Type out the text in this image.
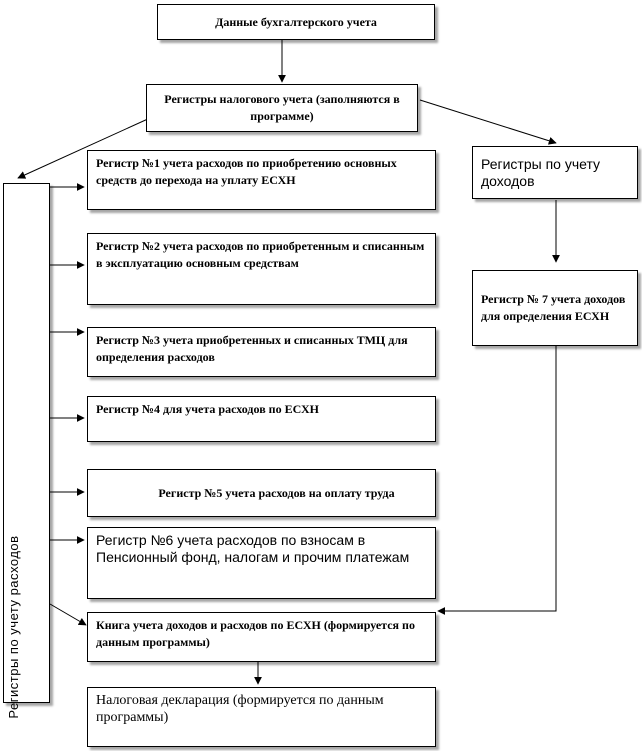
Данные бухгалтерского учета
Регистры налогового учета (заполняются в программе)
Регистры по учету доходов
Регистры по учету расходов
Регистр №1 учета расходов по приобретению основных средств до перехода на уплату ЕСХН
Регистр №2 учета расходов по приобретенным и списанным в эксплуатацию основным средствам
Регистр №3 учета приобретенных и списанных ТМЦ для определения расходов
Регистр №4 для учета расходов по ЕСХН
Регистр №5 учета расходов на оплату труда
Регистр №6 учета расходов по взносам в Пенсионный фонд, налогам и прочим платежам
Регистр № 7 учета доходов для определения ЕСХН
Книга учета доходов и расходов по ЕСХН (формируется по данным программы)
Налоговая декларация (формируется по данным программы)
